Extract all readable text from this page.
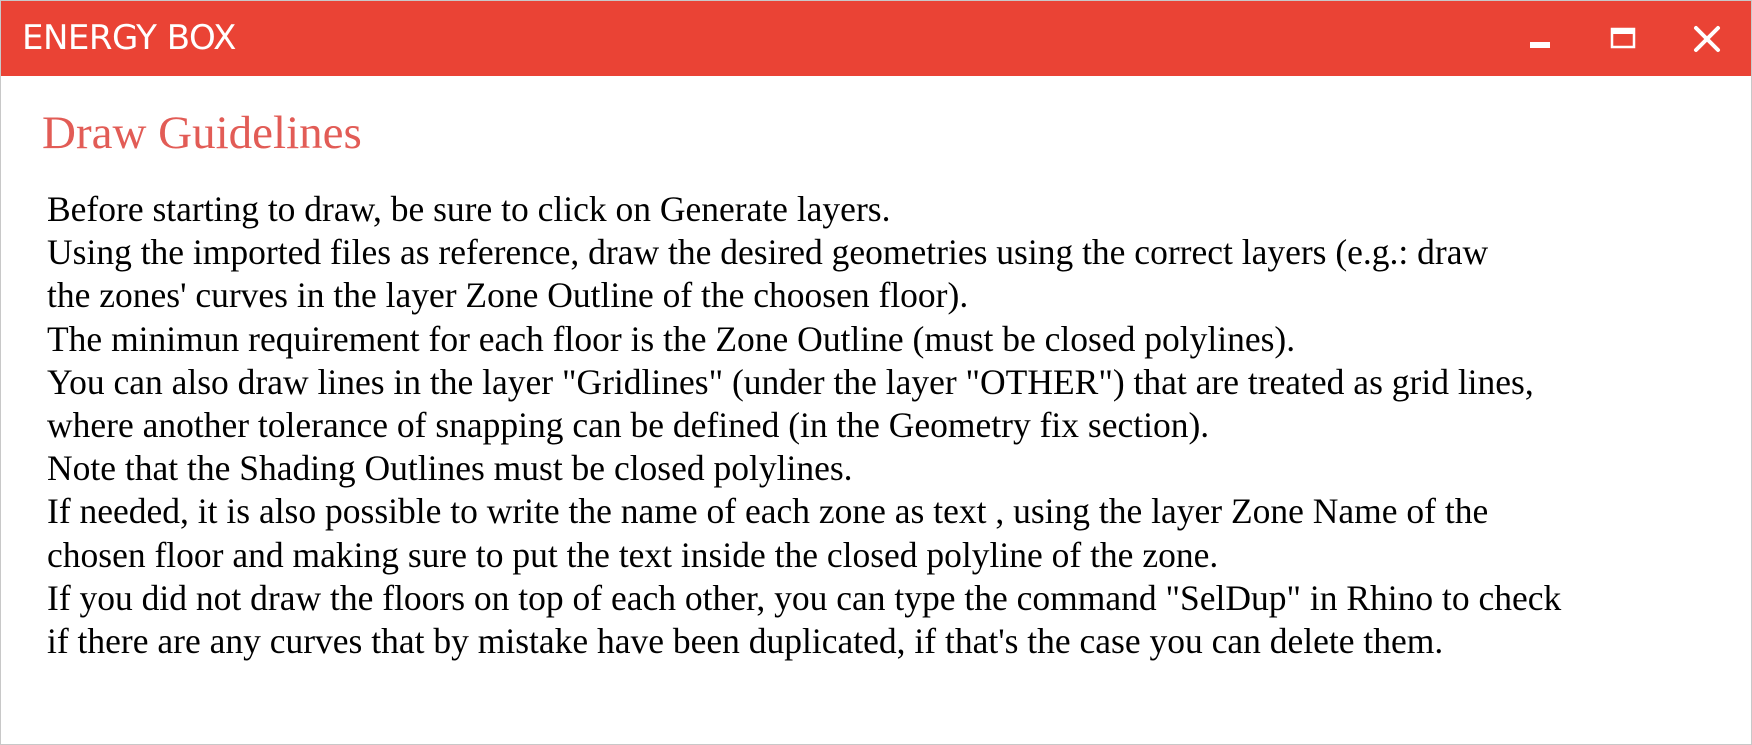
ENERGY BOX
Draw Guidelines
Before starting to draw, be sure to click on Generate layers.
Using the imported files as reference, draw the desired geometries using the correct layers (e.g.: draw
the zones' curves in the layer Zone Outline of the choosen floor).
The minimun requirement for each floor is the Zone Outline (must be closed polylines).
You can also draw lines in the layer "Gridlines" (under the layer "OTHER") that are treated as grid lines,
where another tolerance of snapping can be defined (in the Geometry fix section).
Note that the Shading Outlines must be closed polylines.
If needed, it is also possible to write the name of each zone as text , using the layer Zone Name of the
chosen floor and making sure to put the text inside the closed polyline of the zone.
If you did not draw the floors on top of each other, you can type the command "SelDup" in Rhino to check
if there are any curves that by mistake have been duplicated, if that's the case you can delete them.
